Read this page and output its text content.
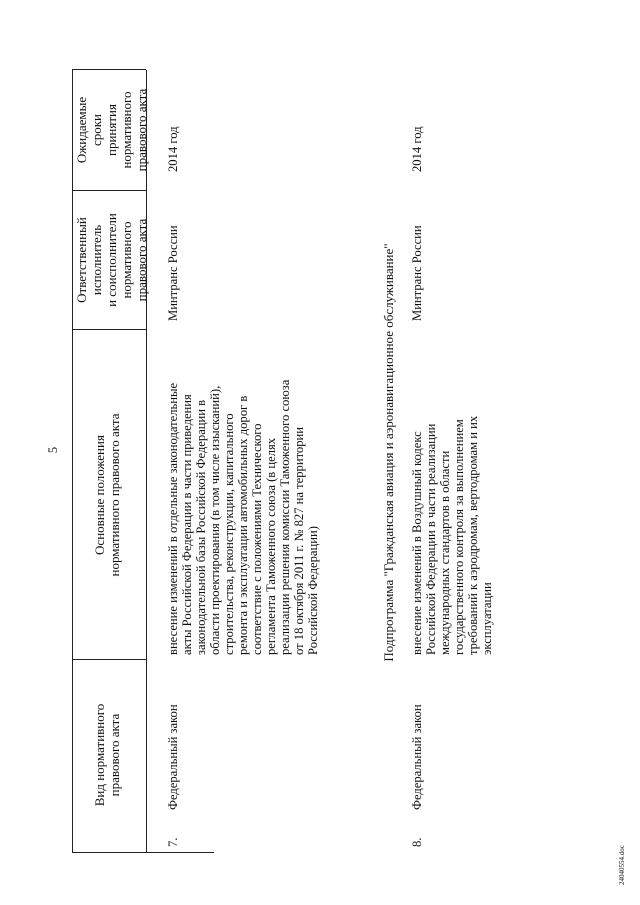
5
Вид нормативного
правового акта
Основные положения
нормативного правового акта
Ответственный
исполнитель
и соисполнители
нормативного
правового акта
Ожидаемые
сроки
принятия
нормативного
правового акта
7.
Федеральный закон
внесение изменений в отдельные законодательные
акты Российской Федерации в части приведения
законодательной базы Российской Федерации в
области проектирования (в том числе изысканий),
строительства, реконструкции, капитального
ремонта и эксплуатации автомобильных дорог в
соответствие с положениями Технического
регламента Таможенного союза (в целях
реализации решения комиссии Таможенного союза
от 18 октября 2011 г. № 827 на территории
Российской Федерации)
Минтранс России
2014 год
Подпрограмма "Гражданская авиация и аэронавигационное обслуживание"
8.
Федеральный закон
внесение изменений в Воздушный кодекс
Российской Федерации в части реализации
международных стандартов в области
государственного контроля за выполнением
требований к аэродромам, вертодромам и их
эксплуатации
Минтранс России
2014 год
24040554.doc
